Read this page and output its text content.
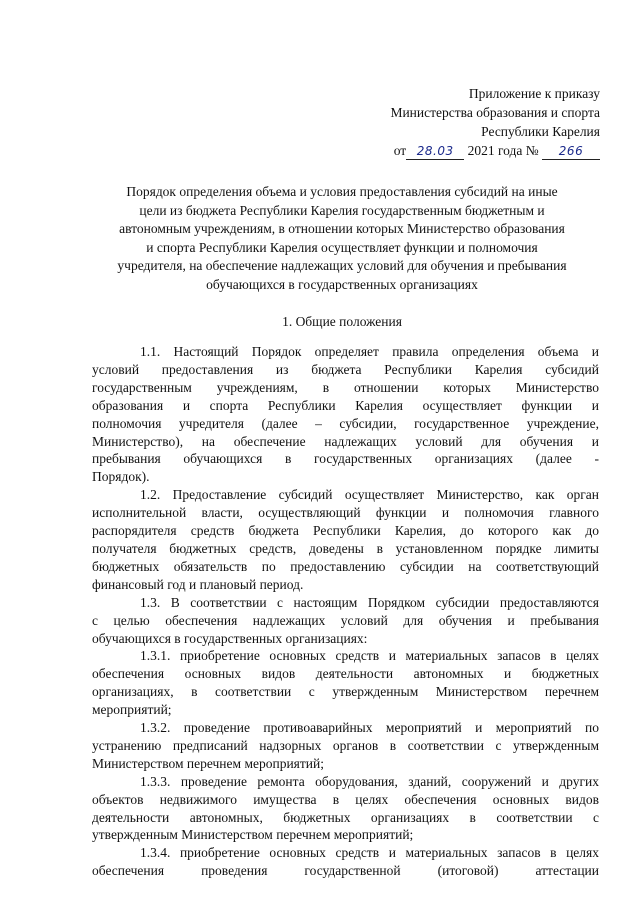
Приложение к приказу
Министерства образования и спорта
Республики Карелия
от 28.03 2021 года № 266
Порядок определения объема и условия предоставления субсидий на иные
цели из бюджета Республики Карелия государственным бюджетным и
автономным учреждениям, в отношении которых Министерство образования
и спорта Республики Карелия осуществляет функции и полномочия
учредителя, на обеспечение надлежащих условий для обучения и пребывания
обучающихся в государственных организациях
1. Общие положения
1.1. Настоящий Порядок определяет правила определения объема и
условий предоставления из бюджета Республики Карелия субсидий
государственным учреждениям, в отношении которых Министерство
образования и спорта Республики Карелия осуществляет функции и
полномочия учредителя (далее – субсидии, государственное учреждение,
Министерство), на обеспечение надлежащих условий для обучения и
пребывания обучающихся в государственных организациях (далее -
Порядок).
1.2. Предоставление субсидий осуществляет Министерство, как орган
исполнительной власти, осуществляющий функции и полномочия главного
распорядителя средств бюджета Республики Карелия, до которого как до
получателя бюджетных средств, доведены в установленном порядке лимиты
бюджетных обязательств по предоставлению субсидии на соответствующий
финансовый год и плановый период.
1.3. В соответствии с настоящим Порядком субсидии предоставляются
с целью обеспечения надлежащих условий для обучения и пребывания
обучающихся в государственных организациях:
1.3.1. приобретение основных средств и материальных запасов в целях
обеспечения основных видов деятельности автономных и бюджетных
организациях, в соответствии с утвержденным Министерством перечнем
мероприятий;
1.3.2. проведение противоаварийных мероприятий и мероприятий по
устранению предписаний надзорных органов в соответствии с утвержденным
Министерством перечнем мероприятий;
1.3.3. проведение ремонта оборудования, зданий, сооружений и других
объектов недвижимого имущества в целях обеспечения основных видов
деятельности автономных, бюджетных организациях в соответствии с
утвержденным Министерством перечнем мероприятий;
1.3.4. приобретение основных средств и материальных запасов в целях
обеспечения проведения государственной (итоговой) аттестации
